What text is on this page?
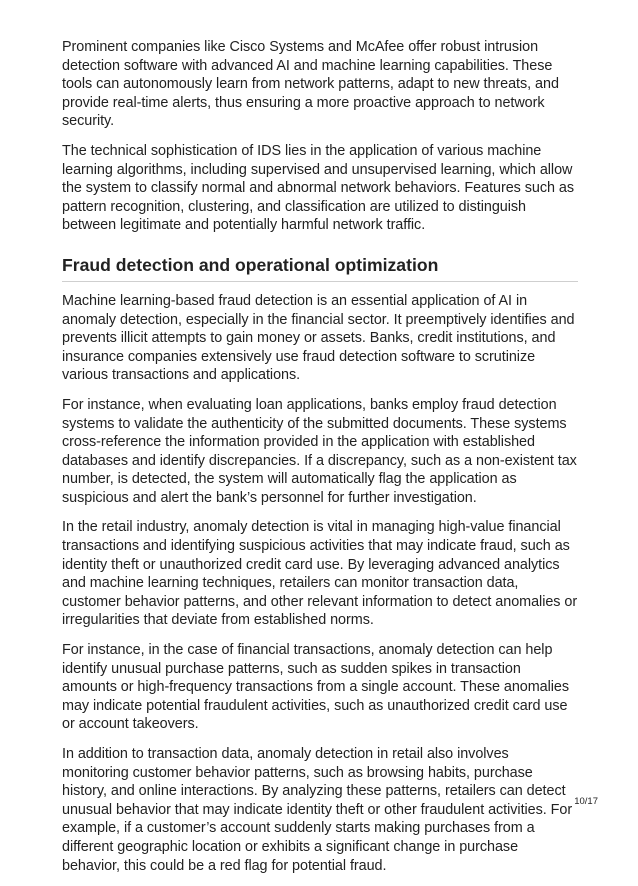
Prominent companies like Cisco Systems and McAfee offer robust intrusion detection software with advanced AI and machine learning capabilities. These tools can autonomously learn from network patterns, adapt to new threats, and provide real-time alerts, thus ensuring a more proactive approach to network security.

The technical sophistication of IDS lies in the application of various machine learning algorithms, including supervised and unsupervised learning, which allow the system to classify normal and abnormal network behaviors. Features such as pattern recognition, clustering, and classification are utilized to distinguish between legitimate and potentially harmful network traffic.

Fraud detection and operational optimization

Machine learning-based fraud detection is an essential application of AI in anomaly detection, especially in the financial sector. It preemptively identifies and prevents illicit attempts to gain money or assets. Banks, credit institutions, and insurance companies extensively use fraud detection software to scrutinize various transactions and applications.

For instance, when evaluating loan applications, banks employ fraud detection systems to validate the authenticity of the submitted documents. These systems cross-reference the information provided in the application with established databases and identify discrepancies. If a discrepancy, such as a non-existent tax number, is detected, the system will automatically flag the application as suspicious and alert the bank’s personnel for further investigation.

In the retail industry, anomaly detection is vital in managing high-value financial transactions and identifying suspicious activities that may indicate fraud, such as identity theft or unauthorized credit card use. By leveraging advanced analytics and machine learning techniques, retailers can monitor transaction data, customer behavior patterns, and other relevant information to detect anomalies or irregularities that deviate from established norms.

For instance, in the case of financial transactions, anomaly detection can help identify unusual purchase patterns, such as sudden spikes in transaction amounts or high-frequency transactions from a single account. These anomalies may indicate potential fraudulent activities, such as unauthorized credit card use or account takeovers.

In addition to transaction data, anomaly detection in retail also involves monitoring customer behavior patterns, such as browsing habits, purchase history, and online interactions. By analyzing these patterns, retailers can detect unusual behavior that may indicate identity theft or other fraudulent activities. For example, if a customer’s account suddenly starts making purchases from a different geographic location or exhibits a significant change in purchase behavior, this could be a red flag for potential fraud.

10/17
